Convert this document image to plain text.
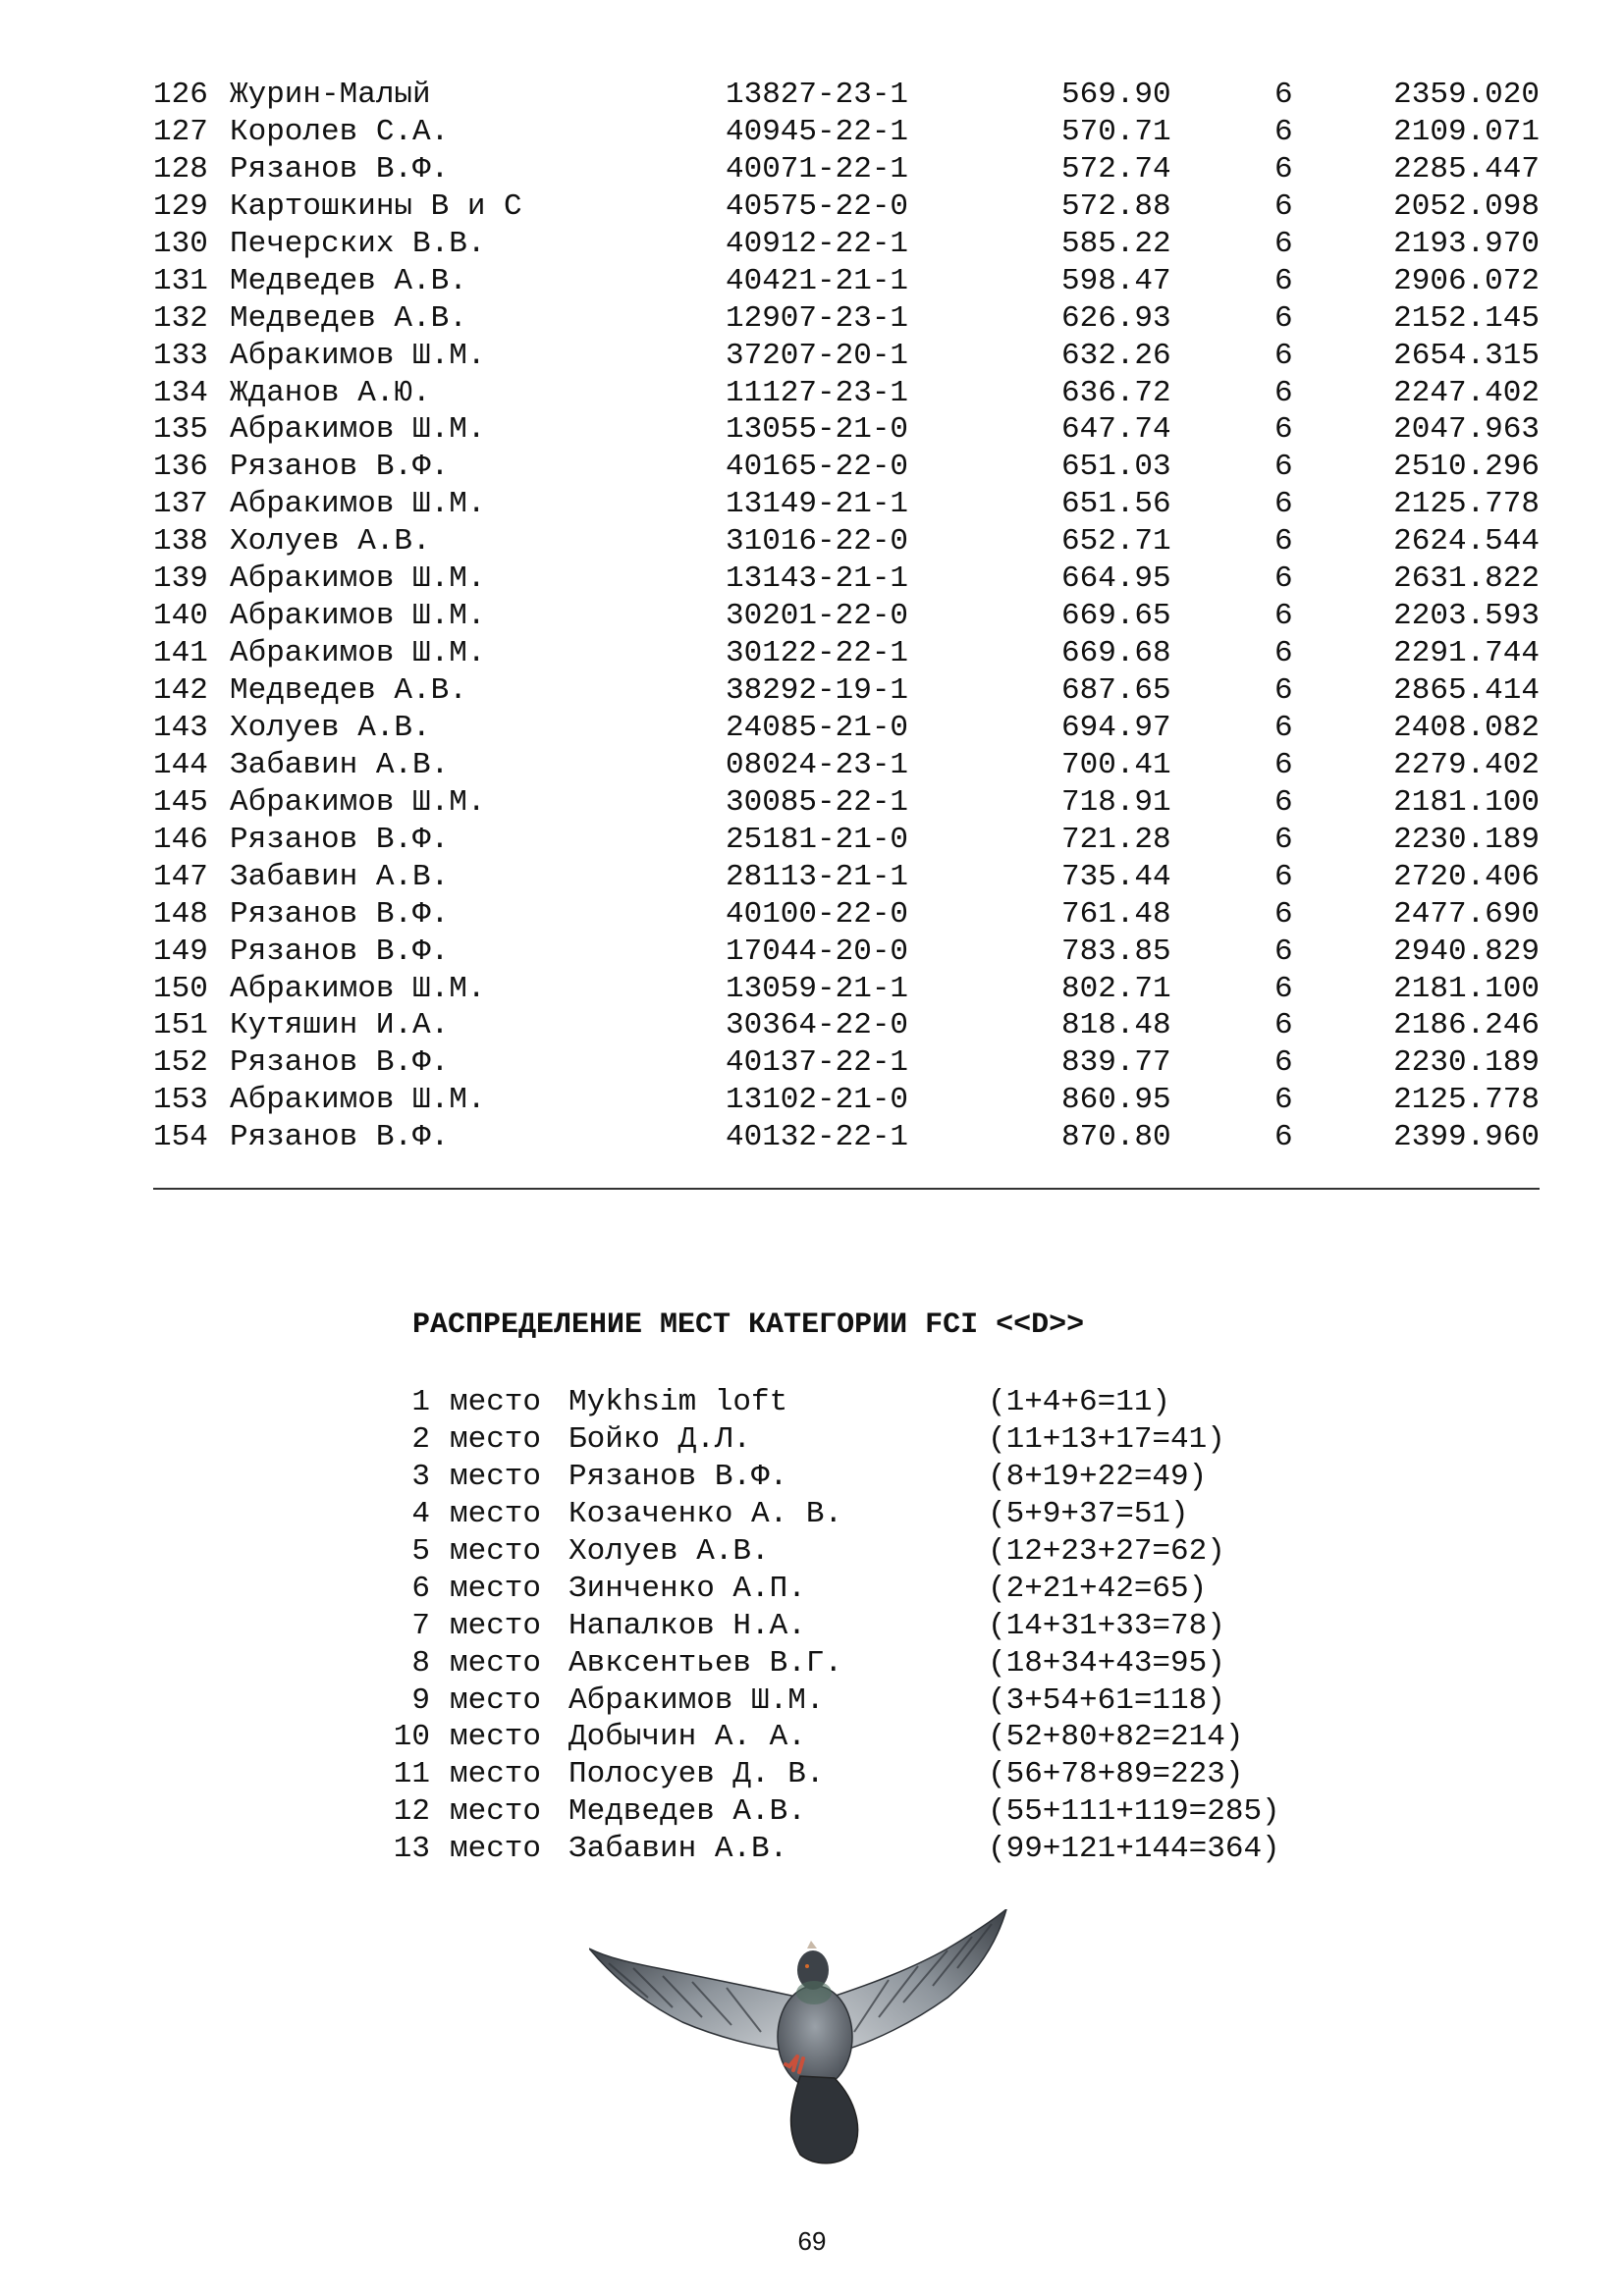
126 Журин-Малый	13827-23-1	569.90	6	2359.020
127 Королев С.А.	40945-22-1	570.71	6	2109.071
128 Рязанов В.Ф.	40071-22-1	572.74	6	2285.447
129 Картошкины В и С	40575-22-0	572.88	6	2052.098
130 Печерских В.В.	40912-22-1	585.22	6	2193.970
131 Медведев А.В.	40421-21-1	598.47	6	2906.072
132 Медведев А.В.	12907-23-1	626.93	6	2152.145
133 Абракимов Ш.М.	37207-20-1	632.26	6	2654.315
134 Жданов А.Ю.	11127-23-1	636.72	6	2247.402
135 Абракимов Ш.М.	13055-21-0	647.74	6	2047.963
136 Рязанов В.Ф.	40165-22-0	651.03	6	2510.296
137 Абракимов Ш.М.	13149-21-1	651.56	6	2125.778
138 Холуев А.В.	31016-22-0	652.71	6	2624.544
139 Абракимов Ш.М.	13143-21-1	664.95	6	2631.822
140 Абракимов Ш.М.	30201-22-0	669.65	6	2203.593
141 Абракимов Ш.М.	30122-22-1	669.68	6	2291.744
142 Медведев А.В.	38292-19-1	687.65	6	2865.414
143 Холуев А.В.	24085-21-0	694.97	6	2408.082
144 Забавин А.В.	08024-23-1	700.41	6	2279.402
145 Абракимов Ш.М.	30085-22-1	718.91	6	2181.100
146 Рязанов В.Ф.	25181-21-0	721.28	6	2230.189
147 Забавин А.В.	28113-21-1	735.44	6	2720.406
148 Рязанов В.Ф.	40100-22-0	761.48	6	2477.690
149 Рязанов В.Ф.	17044-20-0	783.85	6	2940.829
150 Абракимов Ш.М.	13059-21-1	802.71	6	2181.100
151 Кутяшин И.А.	30364-22-0	818.48	6	2186.246
152 Рязанов В.Ф.	40137-22-1	839.77	6	2230.189
153 Абракимов Ш.М.	13102-21-0	860.95	6	2125.778
154 Рязанов В.Ф.	40132-22-1	870.80	6	2399.960
РАСПРЕДЕЛЕНИЕ МЕСТ КАТЕГОРИИ FCI <<D>>
1 место Mykhsim loft	(1+4+6=11)
2 место Бойко Д.Л.	(11+13+17=41)
3 место Рязанов В.Ф.	(8+19+22=49)
4 место Козаченко А. В.	(5+9+37=51)
5 место Холуев А.В.	(12+23+27=62)
6 место Зинченко А.П.	(2+21+42=65)
7 место Напалков Н.А.	(14+31+33=78)
8 место Авксентьев В.Г.	(18+34+43=95)
9 место Абракимов Ш.М.	(3+54+61=118)
10 место Добычин А. А.	(52+80+82=214)
11 место Полосуев Д. В.	(56+78+89=223)
12 место Медведев А.В.	(55+111+119=285)
13 место Забавин А.В.	(99+121+144=364)
69
